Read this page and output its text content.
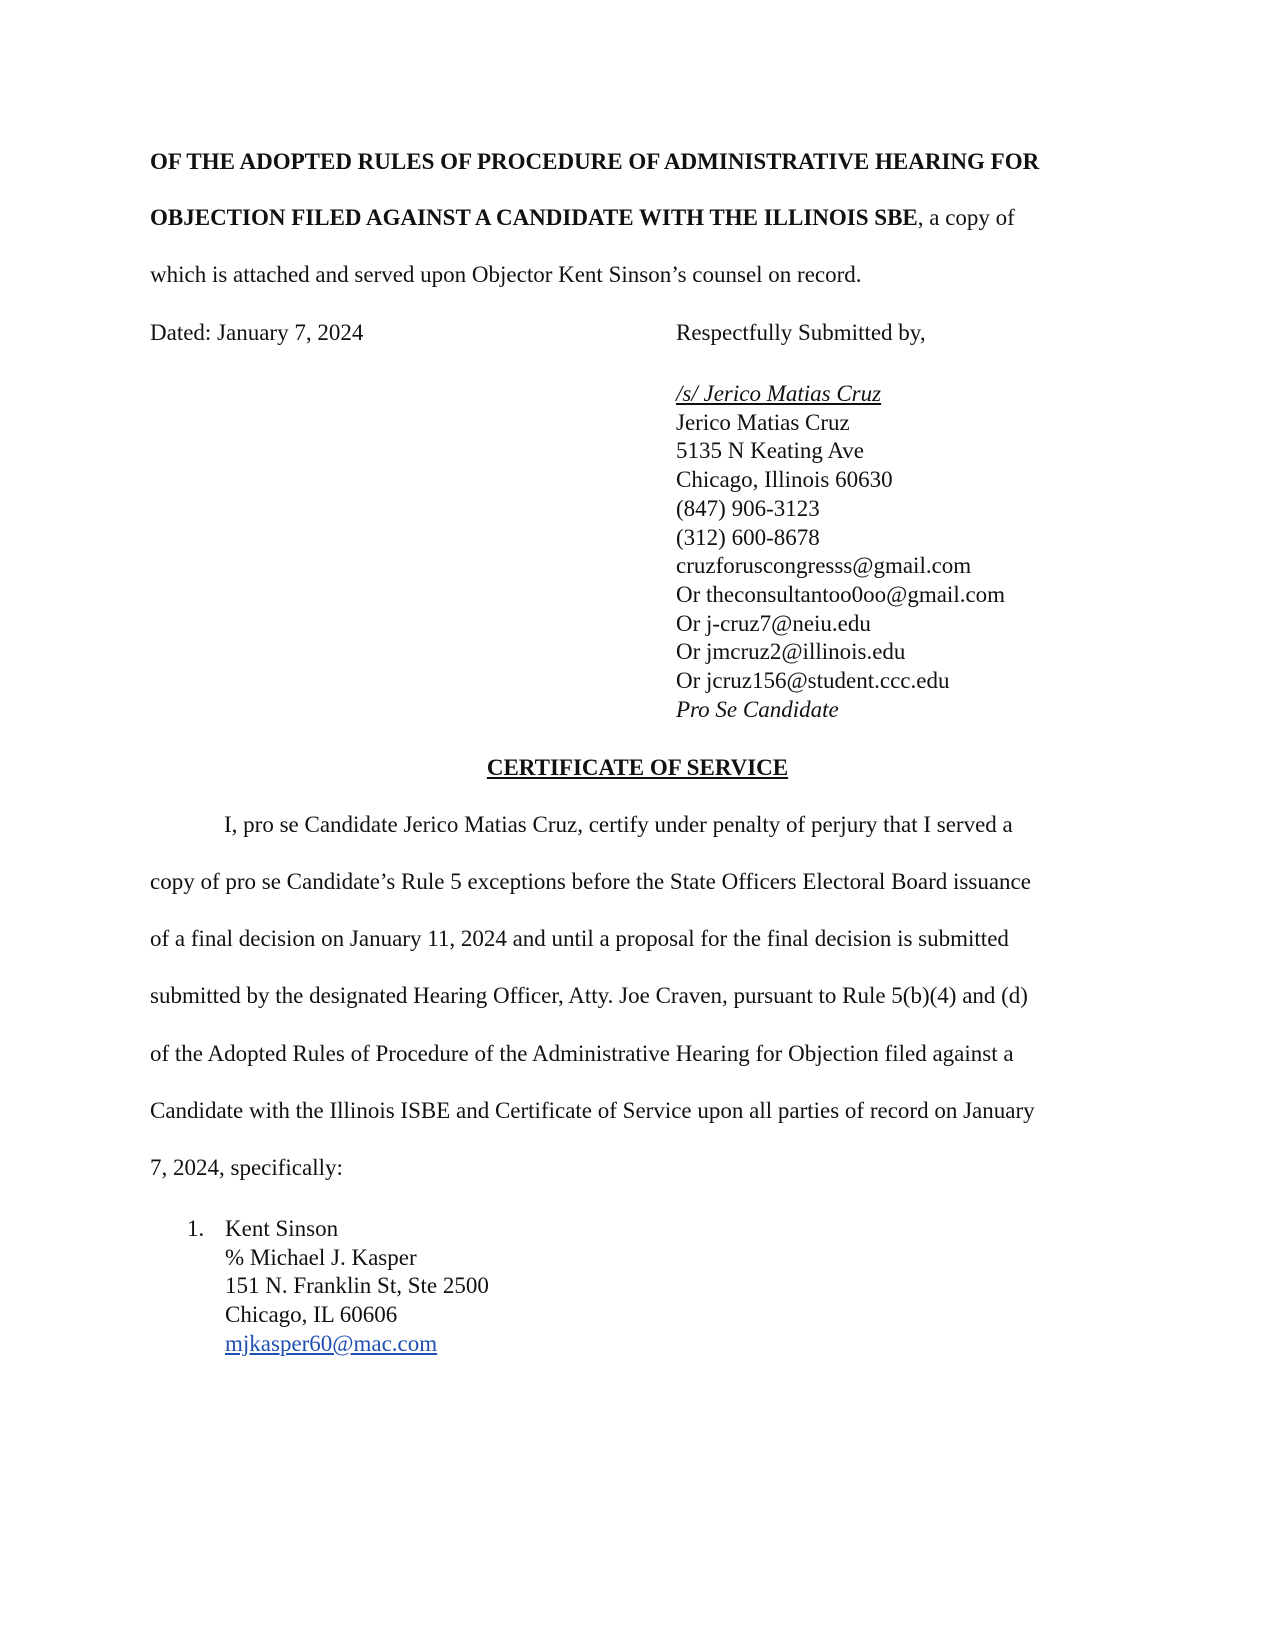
OF THE ADOPTED RULES OF PROCEDURE OF ADMINISTRATIVE HEARING FOR
OBJECTION FILED AGAINST A CANDIDATE WITH THE ILLINOIS SBE, a copy of
which is attached and served upon Objector Kent Sinson’s counsel on record.
Dated: January 7, 2024	Respectfully Submitted by,
/s/ Jerico Matias Cruz
Jerico Matias Cruz
5135 N Keating Ave
Chicago, Illinois 60630
(847) 906-3123
(312) 600-8678
cruzforuscongresss@gmail.com
Or theconsultantoo0oo@gmail.com
Or j-cruz7@neiu.edu
Or jmcruz2@illinois.edu
Or jcruz156@student.ccc.edu
Pro Se Candidate
CERTIFICATE OF SERVICE
I, pro se Candidate Jerico Matias Cruz, certify under penalty of perjury that I served a
copy of pro se Candidate’s Rule 5 exceptions before the State Officers Electoral Board issuance
of a final decision on January 11, 2024 and until a proposal for the final decision is submitted
submitted by the designated Hearing Officer, Atty. Joe Craven, pursuant to Rule 5(b)(4) and (d)
of the Adopted Rules of Procedure of the Administrative Hearing for Objection filed against a
Candidate with the Illinois ISBE and Certificate of Service upon all parties of record on January
7, 2024, specifically:
1. Kent Sinson
% Michael J. Kasper
151 N. Franklin St, Ste 2500
Chicago, IL 60606
mjkasper60@mac.com
